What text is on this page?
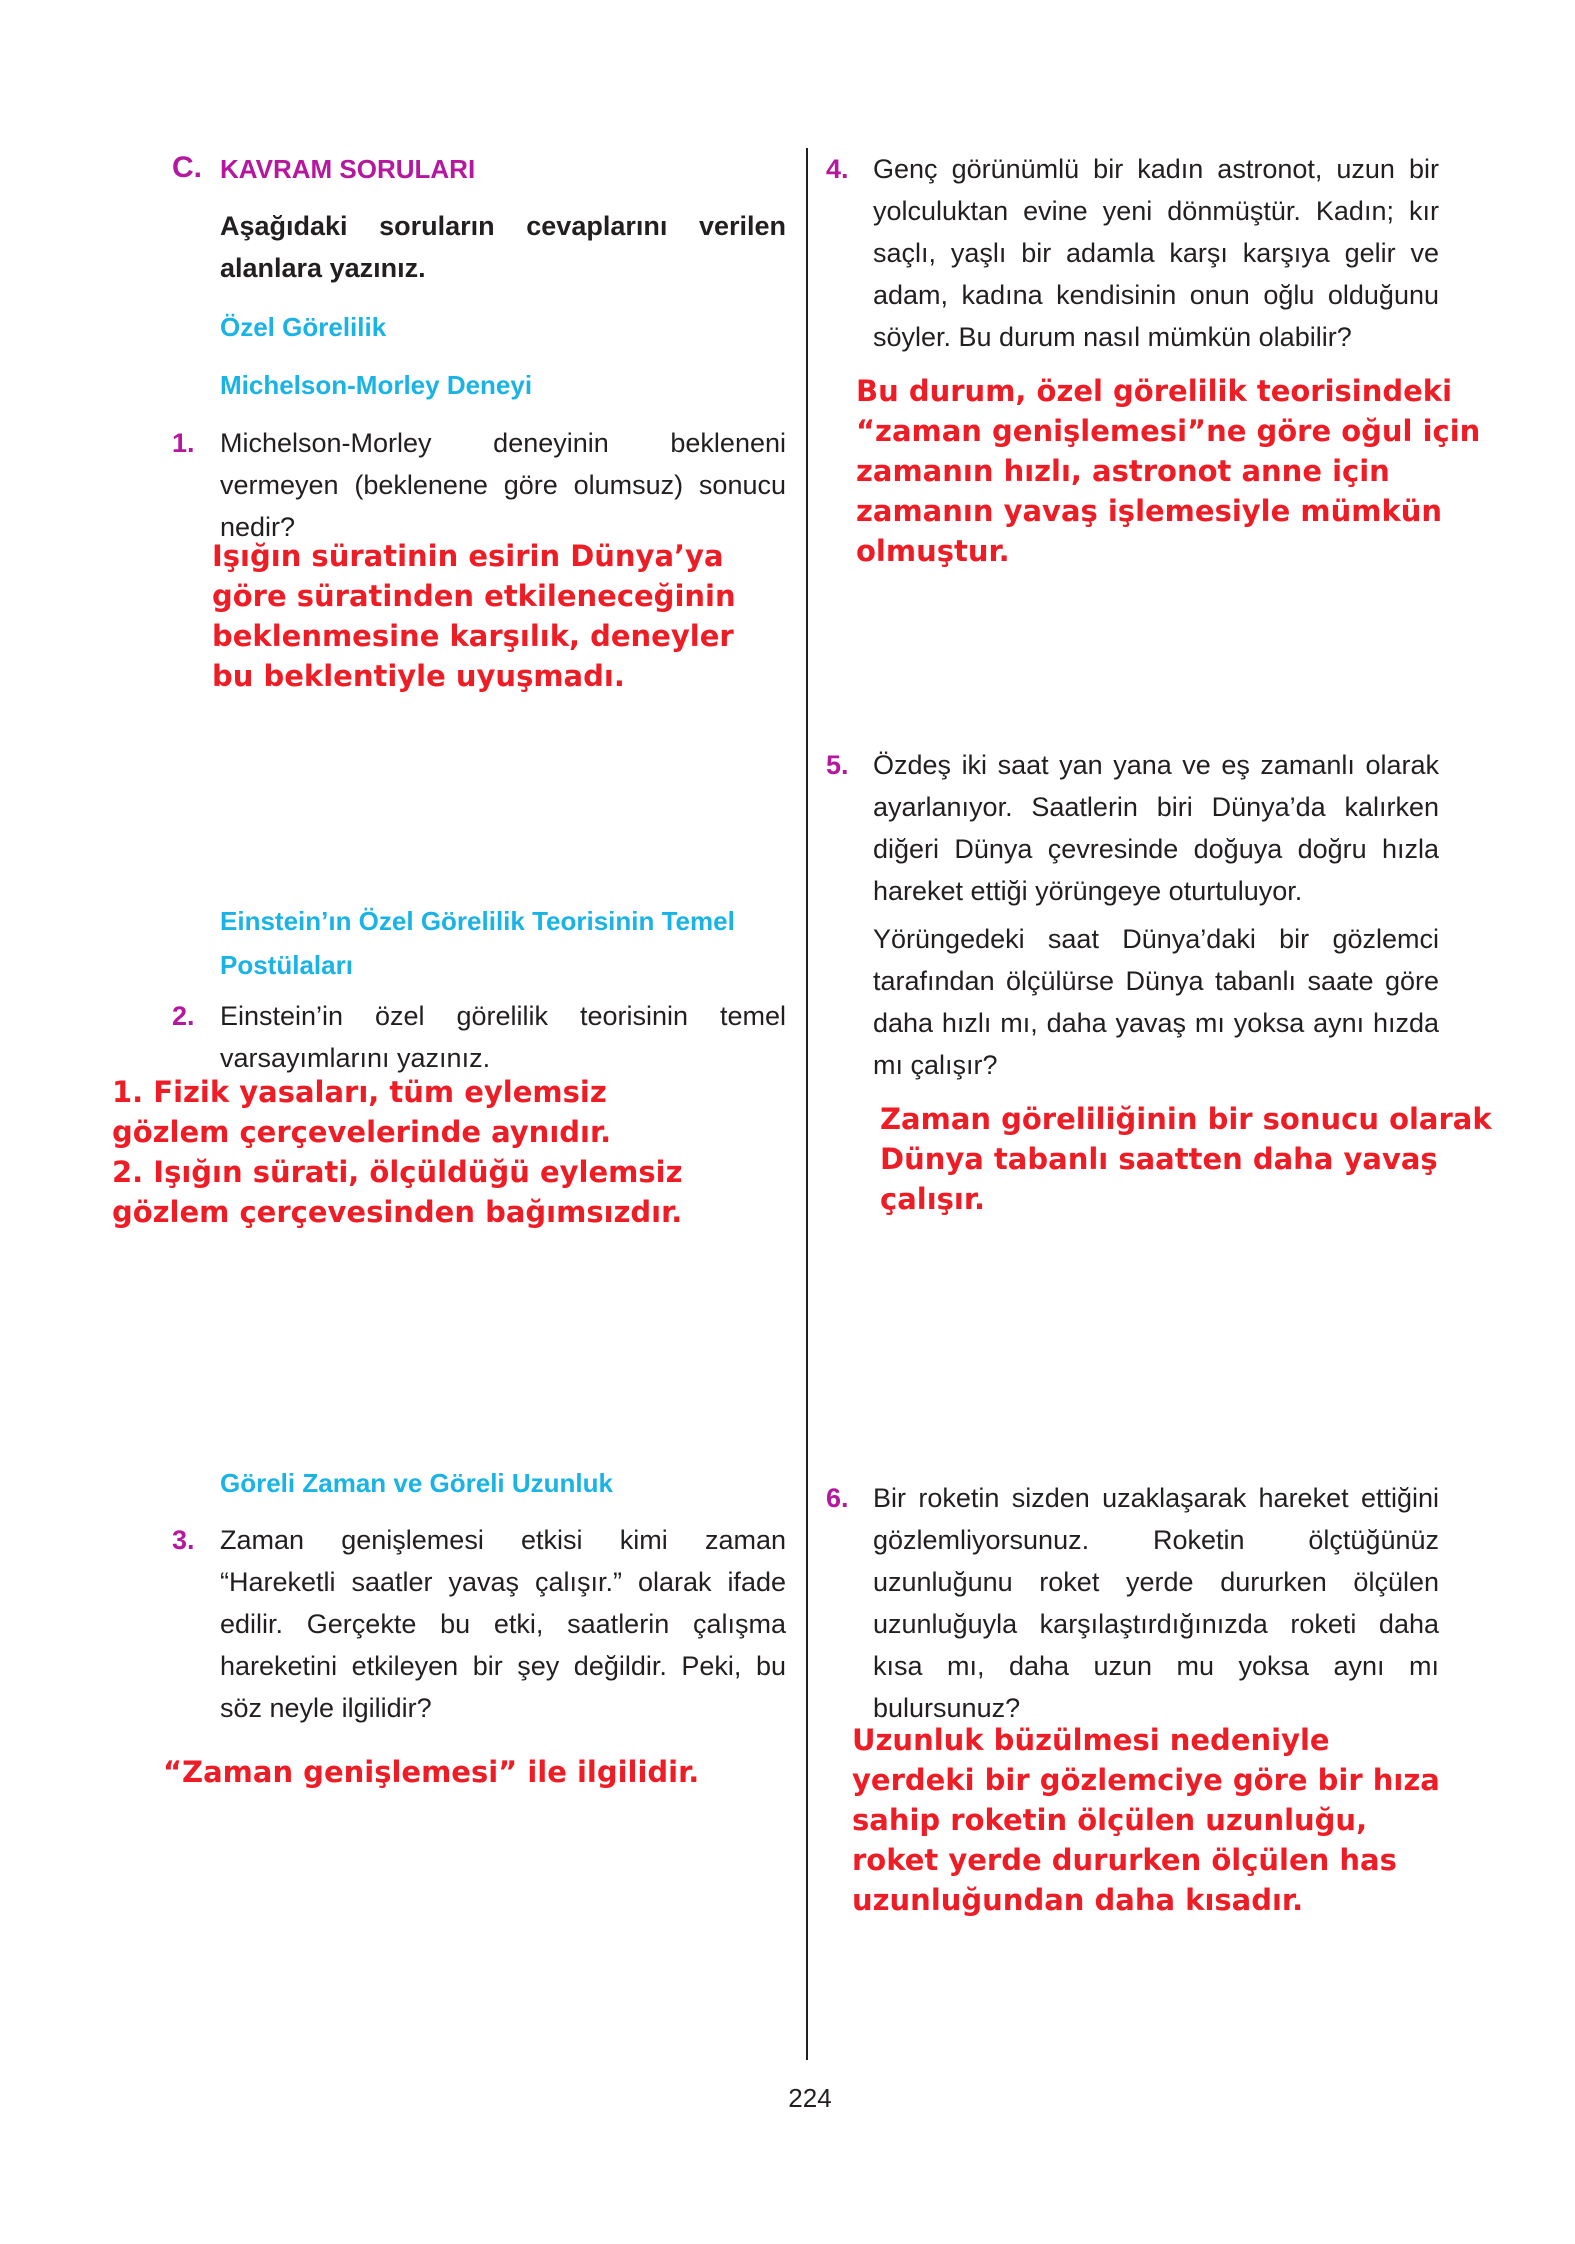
C. KAVRAM SORULARI
Aşağıdaki soruların cevaplarını verilen alanlara yazınız.
Özel Görelilik
Michelson-Morley Deneyi
1. Michelson-Morley deneyinin bekleneni vermeyen (beklenene göre olumsuz) sonucu nedir?
Işığın süratinin esirin Dünya’ya göre süratinden etkileneceğinin beklenmesine karşılık, deneyler bu beklentiyle uyuşmadı.
Einstein’ın Özel Görelilik Teorisinin Temel Postülaları
2. Einstein’in özel görelilik teorisinin temel varsayımlarını yazınız.
1. Fizik yasaları, tüm eylemsiz gözlem çerçevelerinde aynıdır.
2. Işığın sürati, ölçüldüğü eylemsiz gözlem çerçevesinden bağımsızdır.
Göreli Zaman ve Göreli Uzunluk
3. Zaman genişlemesi etkisi kimi zaman “Hareketli saatler yavaş çalışır.” olarak ifade edilir. Gerçekte bu etki, saatlerin çalışma hareketini etkileyen bir şey değildir. Peki, bu söz neyle ilgilidir?
“Zaman genişlemesi” ile ilgilidir.
4. Genç görünümlü bir kadın astronot, uzun bir yolculuktan evine yeni dönmüştür. Kadın; kır saçlı, yaşlı bir adamla karşı karşıya gelir ve adam, kadına kendisinin onun oğlu olduğunu söyler. Bu durum nasıl mümkün olabilir?
Bu durum, özel görelilik teorisindeki “zaman genişlemesi”ne göre oğul için zamanın hızlı, astronot anne için zamanın yavaş işlemesiyle mümkün olmuştur.
5. Özdeş iki saat yan yana ve eş zamanlı olarak ayarlanıyor. Saatlerin biri Dünya’da kalırken diğeri Dünya çevresinde doğuya doğru hızla hareket ettiği yörüngeye oturtuluyor.
Yörüngedeki saat Dünya’daki bir gözlemci tarafından ölçülürse Dünya tabanlı saate göre daha hızlı mı, daha yavaş mı yoksa aynı hızda mı çalışır?
Zaman göreliliğinin bir sonucu olarak Dünya tabanlı saatten daha yavaş çalışır.
6. Bir roketin sizden uzaklaşarak hareket ettiğini gözlemliyorsunuz. Roketin ölçtüğünüz uzunluğunu roket yerde dururken ölçülen uzunluğuyla karşılaştırdığınızda roketi daha kısa mı, daha uzun mu yoksa aynı mı bulursunuz?
Uzunluk büzülmesi nedeniyle yerdeki bir gözlemciye göre bir hıza sahip roketin ölçülen uzunluğu, roket yerde dururken ölçülen has uzunluğundan daha kısadır.
224
